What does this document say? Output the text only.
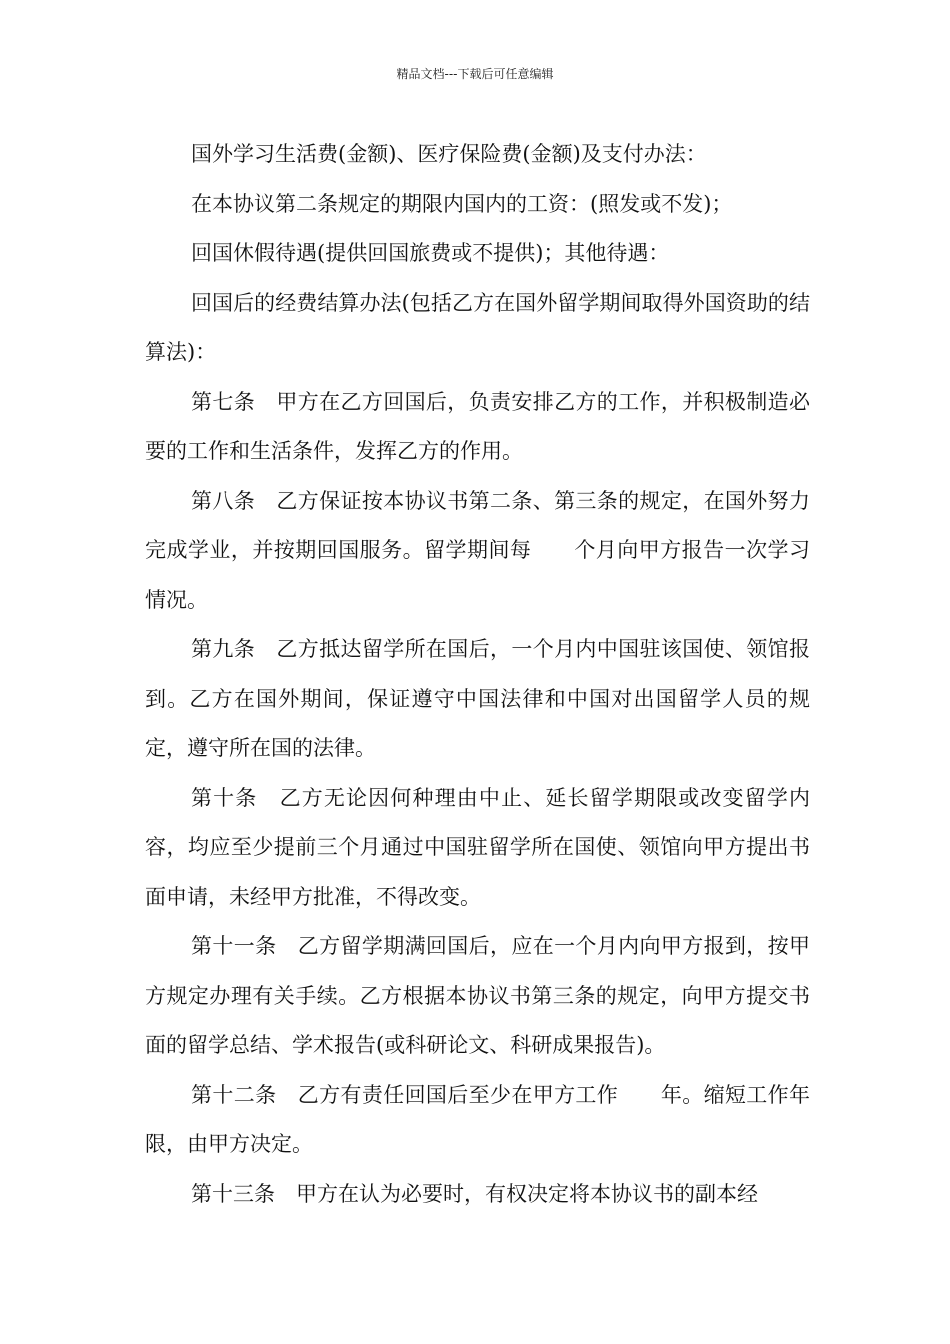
精品文档---下载后可任意编辑

国外学习生活费(金额)、医疗保险费(金额)及支付办法：

在本协议第二条规定的期限内国内的工资：(照发或不发)；

回国休假待遇(提供回国旅费或不提供)；其他待遇：

回国后的经费结算办法(包括乙方在国外留学期间取得外国资助的结算法)：

第七条　甲方在乙方回国后，负责安排乙方的工作，并积极制造必要的工作和生活条件，发挥乙方的作用。

第八条　乙方保证按本协议书第二条、第三条的规定，在国外努力完成学业，并按期回国服务。留学期间每　　个月向甲方报告一次学习情况。

第九条　乙方抵达留学所在国后，一个月内中国驻该国使、领馆报到。乙方在国外期间，保证遵守中国法律和中国对出国留学人员的规定，遵守所在国的法律。

第十条　乙方无论因何种理由中止、延长留学期限或改变留学内容，均应至少提前三个月通过中国驻留学所在国使、领馆向甲方提出书面申请，未经甲方批准，不得改变。

第十一条　乙方留学期满回国后，应在一个月内向甲方报到，按甲方规定办理有关手续。乙方根据本协议书第三条的规定，向甲方提交书面的留学总结、学术报告(或科研论文、科研成果报告)。

第十二条　乙方有责任回国后至少在甲方工作　　年。缩短工作年限，由甲方决定。

第十三条　甲方在认为必要时，有权决定将本协议书的副本经
